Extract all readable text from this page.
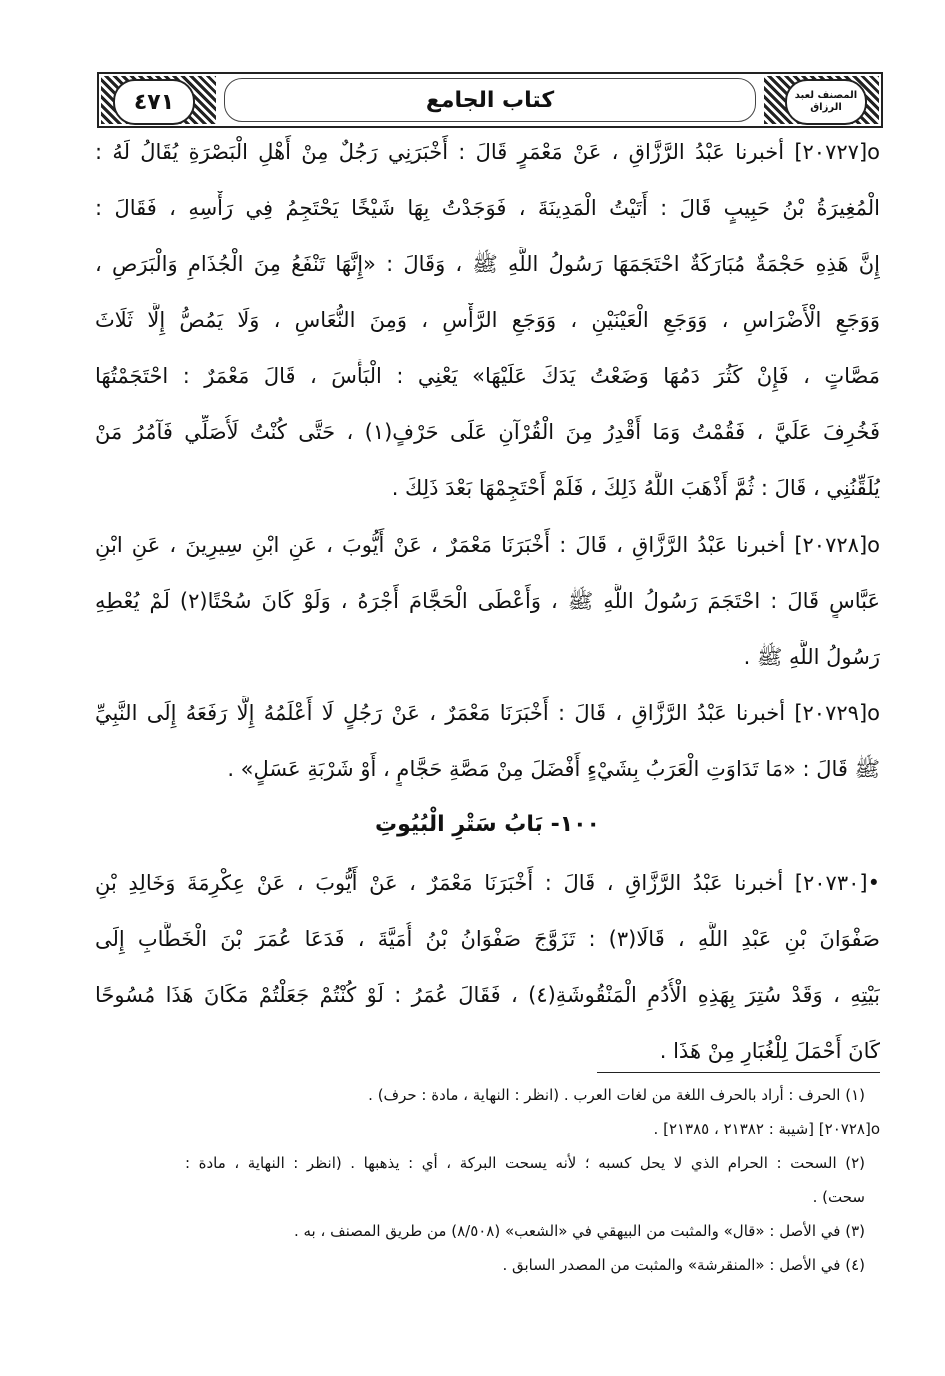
المصنف لعبد الرزاق
٤٧١	كتاب الجامع
o[٢٠٧٢٧] أخبرنا عَبْدُ الرَّزَّاقِ ، عَنْ مَعْمَرٍ قَالَ : أَخْبَرَنِي رَجُلٌ مِنْ أَهْلِ الْبَصْرَةِ يُقَالُ لَهُ :
الْمُغِيرَةُ بْنُ حَبِيبٍ قَالَ : أَتَيْتُ الْمَدِينَةَ ، فَوَجَدْتُ بِهَا شَيْخًا يَحْتَجِمُ فِي رَأْسِهِ ، فَقَالَ :
إِنَّ هَذِهِ حَجْمَةٌ مُبَارَكَةٌ احْتَجَمَهَا رَسُولُ اللَّهِ ﷺ ، وَقَالَ : «إِنَّهَا تَنْفَعُ مِنَ الْجُذَامِ وَالْبَرَصِ ،
وَوَجَعِ الْأَضْرَاسِ ، وَوَجَعِ الْعَيْنَيْنِ ، وَوَجَعِ الرَّأْسِ ، وَمِنَ النُّعَاسِ ، وَلَا يَمُصُّ إِلَّا ثَلَاثَ
مَصَّاتٍ ، فَإِنْ كَثُرَ دَمُهَا وَضَعْتُ يَدَكَ عَلَيْهَا» يَعْنِي : الْبَأْسَ ، قَالَ مَعْمَرٌ : احْتَجَمْتُهَا
فَخُرِفَ عَلَيَّ ، فَقُمْتُ وَمَا أَقْدِرُ مِنَ الْقُرْآنِ عَلَى حَرْفٍ(١) ، حَتَّى كُنْتُ لَأُصَلِّي فَآمُرُ مَنْ
يُلَقِّنُنِي ، قَالَ : ثُمَّ أَذْهَبَ اللَّهُ ذَلِكَ ، فَلَمْ أَحْتَجِمْهَا بَعْدَ ذَلِكَ .
o[٢٠٧٢٨] أخبرنا عَبْدُ الرَّزَّاقِ ، قَالَ : أَخْبَرَنَا مَعْمَرٌ ، عَنْ أَيُّوبَ ، عَنِ ابْنِ سِيرِينَ ، عَنِ ابْنِ
عَبَّاسٍ قَالَ : احْتَجَمَ رَسُولُ اللَّهِ ﷺ ، وَأَعْطَى الْحَجَّامَ أَجْرَهُ ، وَلَوْ كَانَ سُحْتًا(٢) لَمْ يُعْطِهِ
رَسُولُ اللَّهِ ﷺ .
o[٢٠٧٢٩] أخبرنا عَبْدُ الرَّزَّاقِ ، قَالَ : أَخْبَرَنَا مَعْمَرٌ ، عَنْ رَجُلٍ لَا أَعْلَمُهُ إِلَّا رَفَعَهُ إِلَى النَّبِيِّ
ﷺ قَالَ : «مَا تَدَاوَتِ الْعَرَبُ بِشَيْءٍ أَفْضَلَ مِنْ مَصَّةِ حَجَّامٍ ، أَوْ شَرْبَةِ عَسَلٍ» .
•[٢٠٧٣٠] أخبرنا عَبْدُ الرَّزَّاقِ ، قَالَ : أَخْبَرَنَا مَعْمَرٌ ، عَنْ أَيُّوبَ ، عَنْ عِكْرِمَةَ وَخَالِدِ بْنِ
صَفْوَانَ بْنِ عَبْدِ اللَّهِ ، قَالَا(٣) : تَزَوَّجَ صَفْوَانُ بْنُ أُمَيَّةَ ، فَدَعَا عُمَرَ بْنَ الْخَطَّابِ إِلَى
بَيْتِهِ ، وَقَدْ سُتِرَ بِهَذِهِ الْأُدُمِ الْمَنْقُوشَةِ(٤) ، فَقَالَ عُمَرُ : لَوْ كُنْتُمْ جَعَلْتُمْ مَكَانَ هَذَا مُسُوحًا
كَانَ أَحْمَلَ لِلْغُبَارِ مِنْ هَذَا .
١٠٠- بَابُ سَتْرِ الْبُيُوتِ
(١) الحرف : أراد بالحرف اللغة من لغات العرب . (انظر : النهاية ، مادة : حرف) .
o[٢٠٧٢٨] [شيبة : ٢١٣٨٢ ، ٢١٣٨٥] .
(٢) السحت : الحرام الذي لا يحل كسبه ؛ لأنه يسحت البركة ، أي : يذهبها . (انظر : النهاية ، مادة :
سحت) .
(٣) في الأصل : «قال» والمثبت من البيهقي في «الشعب» (٨/٥٠٨) من طريق المصنف ، به .
(٤) في الأصل : «المنقرشة» والمثبت من المصدر السابق .
